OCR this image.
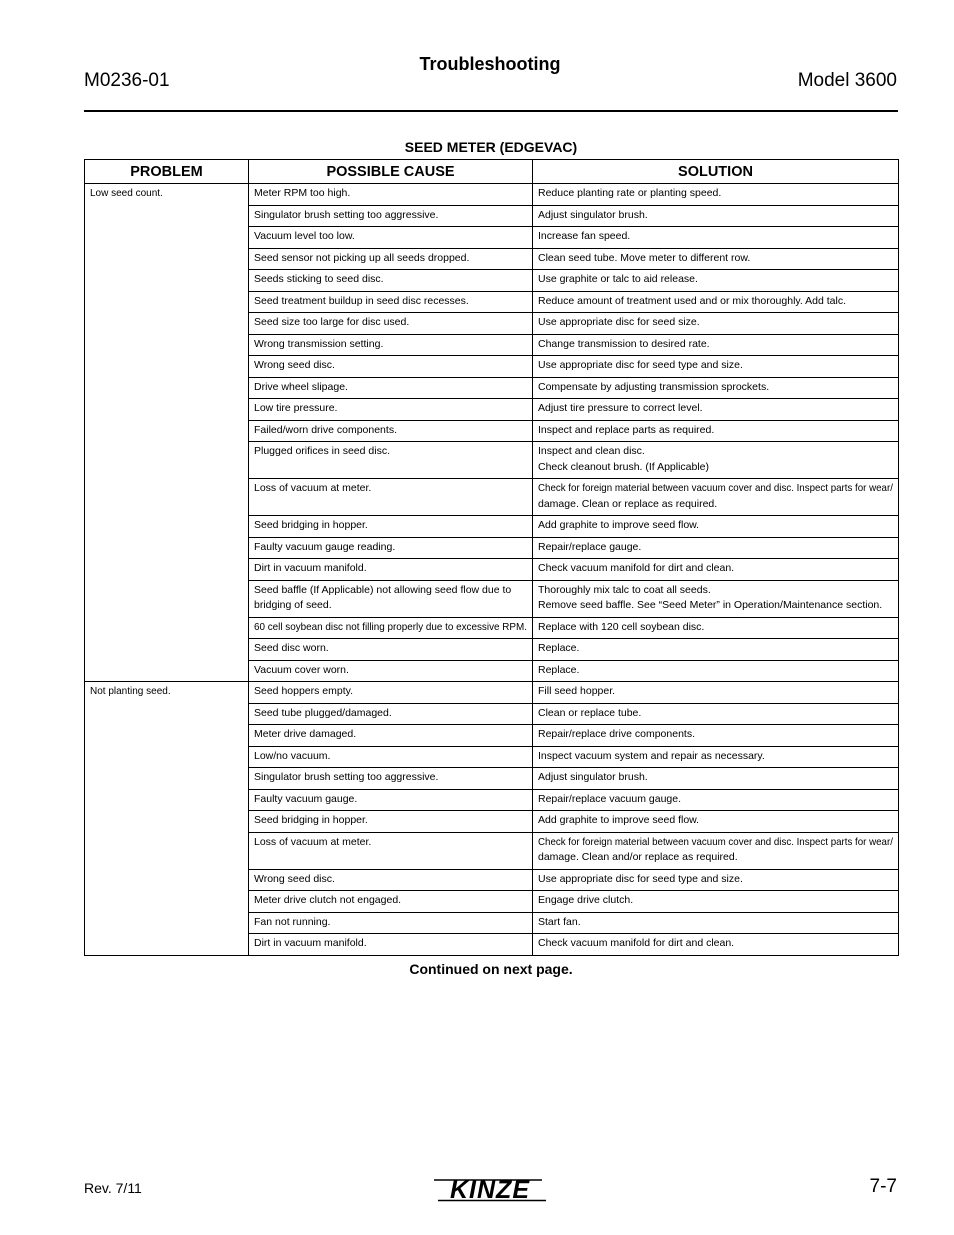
M0236-01
Troubleshooting
Model 3600
SEED METER (EDGEVAC)
PROBLEM	POSSIBLE CAUSE	SOLUTION
Low seed count.	Meter RPM too high.	Reduce planting rate or planting speed.

	Singulator brush setting too aggressive.	Adjust singulator brush.

	Vacuum level too low.	Increase fan speed.

	Seed sensor not picking up all seeds dropped.	Clean seed tube. Move meter to different row.

	Seeds sticking to seed disc.	Use graphite or talc to aid release.

	Seed treatment buildup in seed disc recesses.	Reduce amount of treatment used and or mix thoroughly. Add talc.

	Seed size too large for disc used.	Use appropriate disc for seed size.

	Wrong transmission setting.	Change transmission to desired rate.

	Wrong seed disc.	Use appropriate disc for seed type and size.

	Drive wheel slipage.	Compensate by adjusting transmission sprockets.

	Low tire pressure.	Adjust tire pressure to correct level.

	Failed/worn drive components.	Inspect and replace parts as required.

	Plugged orifices in seed disc.	Inspect and clean disc.
Check cleanout brush. (If Applicable)

	Loss of vacuum at meter.	Check for foreign material between vacuum cover and disc. Inspect parts for wear/
damage. Clean or replace as required.

	Seed bridging in hopper.	Add graphite to improve seed flow.

	Faulty vacuum gauge reading.	Repair/replace gauge.

	Dirt in vacuum manifold.	Check vacuum manifold for dirt and clean.

	Seed baffle (If Applicable) not allowing seed flow due to
bridging of seed.	Thoroughly mix talc to coat all seeds.
Remove seed baffle. See “Seed Meter” in Operation/Maintenance section.

	60 cell soybean disc not filling properly due to excessive RPM.	Replace with 120 cell soybean disc.

	Seed disc worn.	Replace.

	Vacuum cover worn.	Replace.

Not planting seed.	Seed hoppers empty.	Fill seed hopper.

	Seed tube plugged/damaged.	Clean or replace tube.

	Meter drive damaged.	Repair/replace drive components.

	Low/no vacuum.	Inspect vacuum system and repair as necessary.

	Singulator brush setting too aggressive.	Adjust singulator brush.

	Faulty vacuum gauge.	Repair/replace vacuum gauge.

	Seed bridging in hopper.	Add graphite to improve seed flow.

	Loss of vacuum at meter.	Check for foreign material between vacuum cover and disc. Inspect parts for wear/
damage. Clean and/or replace as required.

	Wrong seed disc.	Use appropriate disc for seed type and size.

	Meter drive clutch not engaged.	Engage drive clutch.

	Fan not running.	Start fan.

	Dirt in vacuum manifold.	Check vacuum manifold for dirt and clean.
Continued on next page.
Rev. 7/11	KINZE	7-7
